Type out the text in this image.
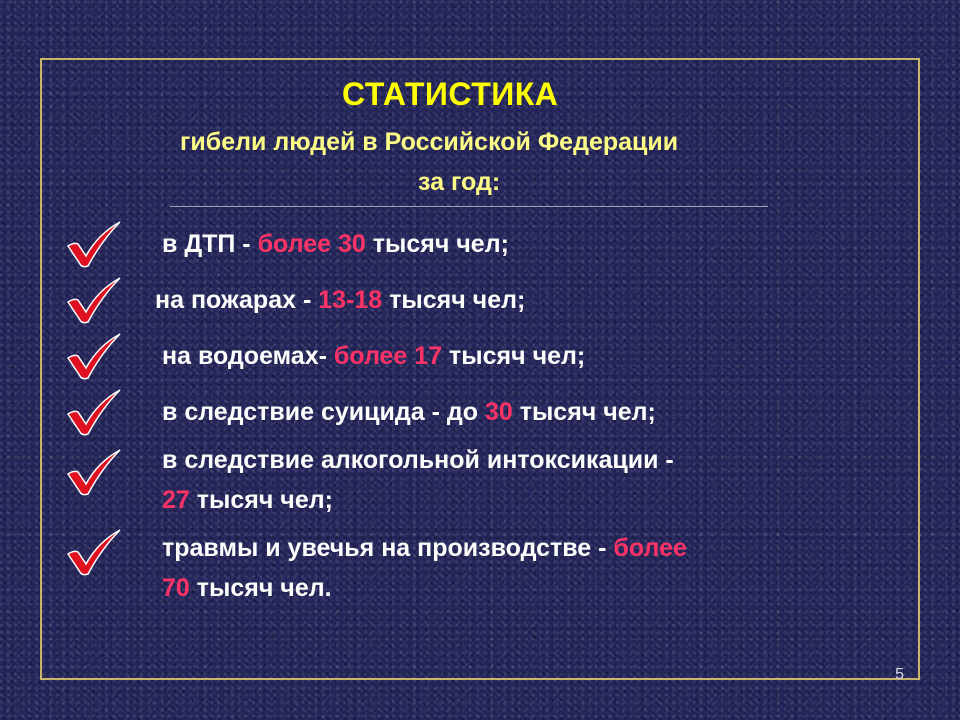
СТАТИСТИКА
гибели людей в Российской Федерации
за год:
в ДТП - более 30 тысяч чел;
на пожарах - 13-18 тысяч чел;
на водоемах- более 17 тысяч чел;
в следствие суицида - до 30 тысяч чел;
в следствие алкогольной интоксикации -
27 тысяч чел;
травмы и увечья на производстве - более
70 тысяч чел.
5
